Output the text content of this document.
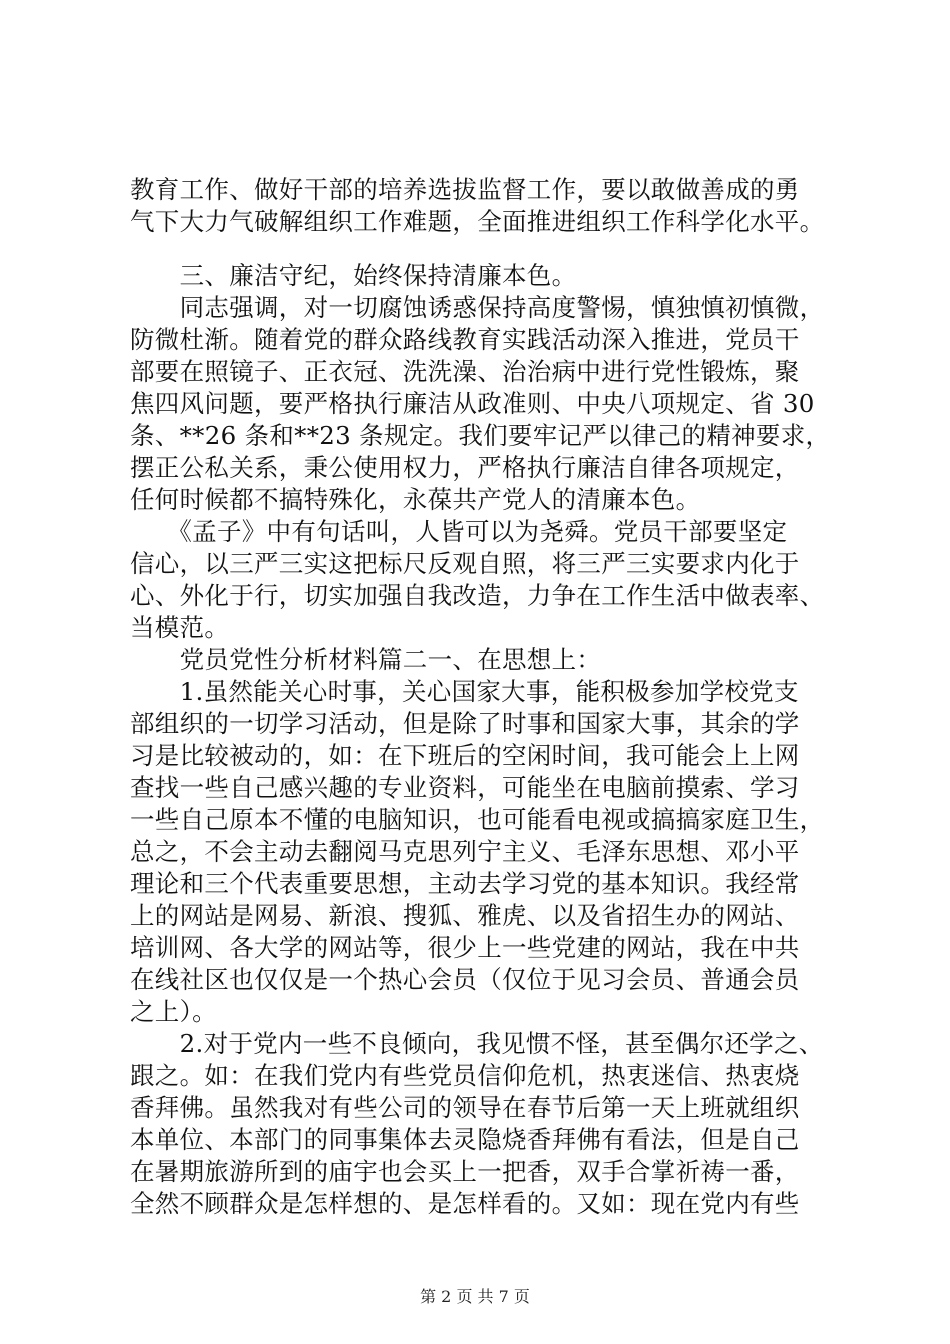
教育工作、做好干部的培养选拔监督工作，要以敢做善成的勇
气下大力气破解组织工作难题，全面推进组织工作科学化水平。
　　三、廉洁守纪，始终保持清廉本色。
　　同志强调，对一切腐蚀诱惑保持高度警惕，慎独慎初慎微，
防微杜渐。随着党的群众路线教育实践活动深入推进，党员干
部要在照镜子、正衣冠、洗洗澡、治治病中进行党性锻炼，聚
焦四风问题，要严格执行廉洁从政准则、中央八项规定、省 30
条、**26 条和**23 条规定。我们要牢记严以律己的精神要求，
摆正公私关系，秉公使用权力，严格执行廉洁自律各项规定，
任何时候都不搞特殊化，永葆共产党人的清廉本色。
　　《孟子》中有句话叫，人皆可以为尧舜。党员干部要坚定
信心，以三严三实这把标尺反观自照，将三严三实要求内化于
心、外化于行，切实加强自我改造，力争在工作生活中做表率、
当模范。
　　党员党性分析材料篇二一、在思想上：
　　1.虽然能关心时事，关心国家大事，能积极参加学校党支
部组织的一切学习活动，但是除了时事和国家大事，其余的学
习是比较被动的，如：在下班后的空闲时间，我可能会上上网
查找一些自己感兴趣的专业资料，可能坐在电脑前摸索、学习
一些自己原本不懂的电脑知识，也可能看电视或搞搞家庭卫生，
总之，不会主动去翻阅马克思列宁主义、毛泽东思想、邓小平
理论和三个代表重要思想，主动去学习党的基本知识。我经常
上的网站是网易、新浪、搜狐、雅虎、以及省招生办的网站、
培训网、各大学的网站等，很少上一些党建的网站，我在中共
在线社区也仅仅是一个热心会员（仅位于见习会员、普通会员
之上）。
　　2.对于党内一些不良倾向，我见惯不怪，甚至偶尔还学之、
跟之。如：在我们党内有些党员信仰危机，热衷迷信、热衷烧
香拜佛。虽然我对有些公司的领导在春节后第一天上班就组织
本单位、本部门的同事集体去灵隐烧香拜佛有看法，但是自己
在暑期旅游所到的庙宇也会买上一把香，双手合掌祈祷一番，
全然不顾群众是怎样想的、是怎样看的。又如：现在党内有些
第 2 页 共 7 页
